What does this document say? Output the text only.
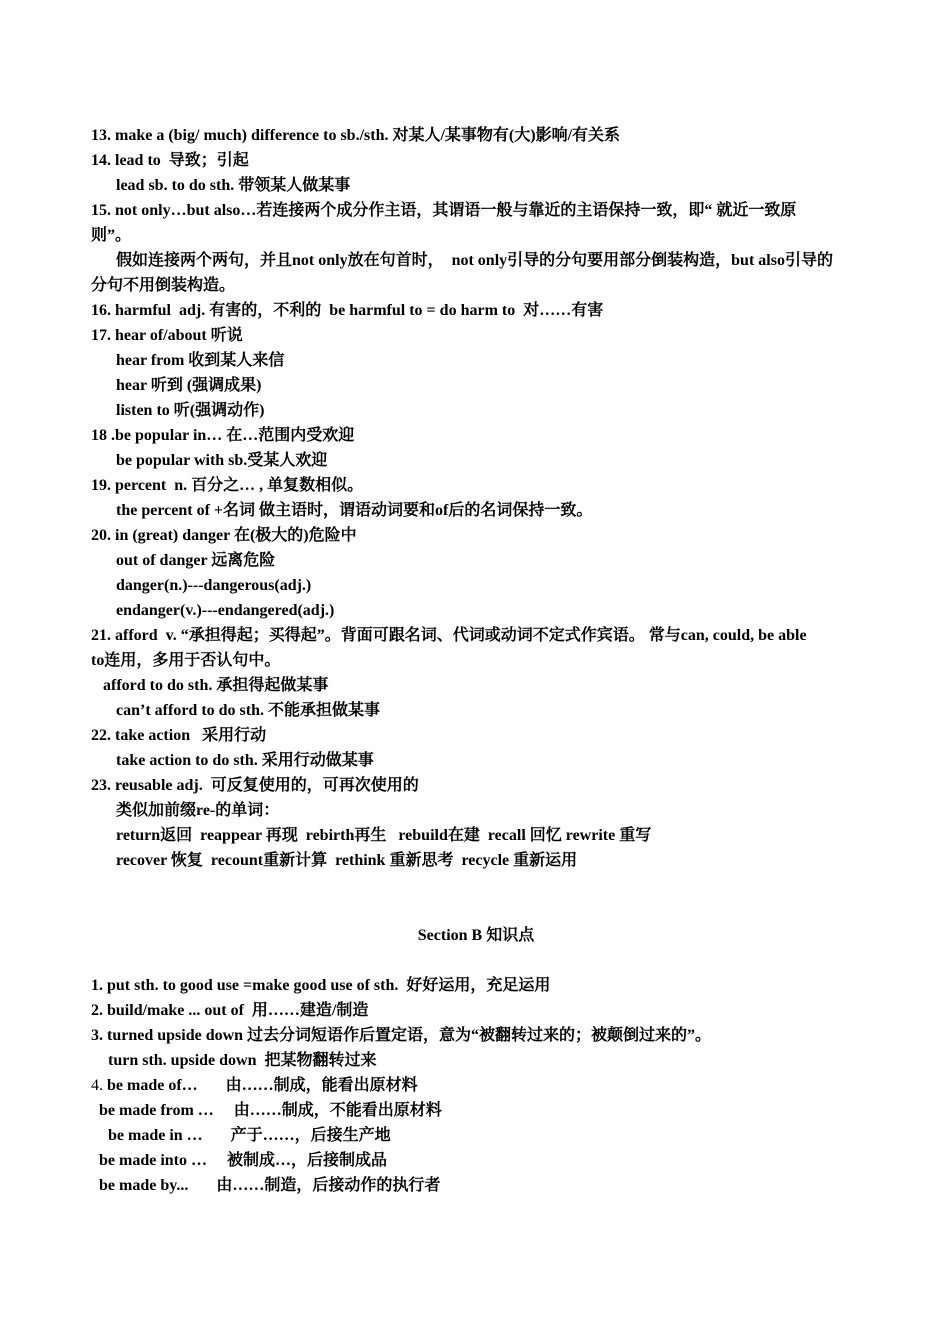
13. make a (big/ much) difference to sb./sth. 对某人/某事物有(大)影响/有关系
14. lead to  导致；引起
lead sb. to do sth. 带领某人做某事
15. not only…but also…若连接两个成分作主语，其谓语一般与靠近的主语保持一致，即“ 就近一致原
则”。
假如连接两个两句，并且not only放在句首时，  not only引导的分句要用部分倒装构造，but also引导的
分句不用倒装构造。
16. harmful  adj. 有害的，不利的  be harmful to = do harm to  对……有害
17. hear of/about 听说
hear from 收到某人来信
hear 听到 (强调成果)
listen to 听(强调动作)
18 .be popular in… 在…范围内受欢迎
be popular with sb.受某人欢迎
19. percent  n. 百分之… , 单复数相似。
the percent of +名词 做主语时，谓语动词要和of后的名词保持一致。
20. in (great) danger 在(极大的)危险中
out of danger 远离危险
danger(n.)---dangerous(adj.)
endanger(v.)---endangered(adj.)
21. afford  v. “承担得起；买得起”。背面可跟名词、代词或动词不定式作宾语。 常与can, could, be able
to连用，多用于否认句中。
afford to do sth. 承担得起做某事
can’t afford to do sth. 不能承担做某事
22. take action   采用行动
take action to do sth. 采用行动做某事
23. reusable adj.  可反复使用的，可再次使用的
类似加前缀re-的单词：
return返回  reappear 再现  rebirth再生   rebuild在建  recall 回忆 rewrite 重写
recover 恢复  recount重新计算  rethink 重新思考  recycle 重新运用
Section B 知识点
1. put sth. to good use =make good use of sth.  好好运用，充足运用
2. build/make ... out of  用……建造/制造
3. turned upside down 过去分词短语作后置定语，意为“被翻转过来的；被颠倒过来的”。
turn sth. upside down  把某物翻转过来
4. be made of…       由……制成，能看出原材料
be made from …     由……制成，不能看出原材料
be made in …       产于……，后接生产地
be made into …     被制成…，后接制成品
be made by...       由……制造，后接动作的执行者
